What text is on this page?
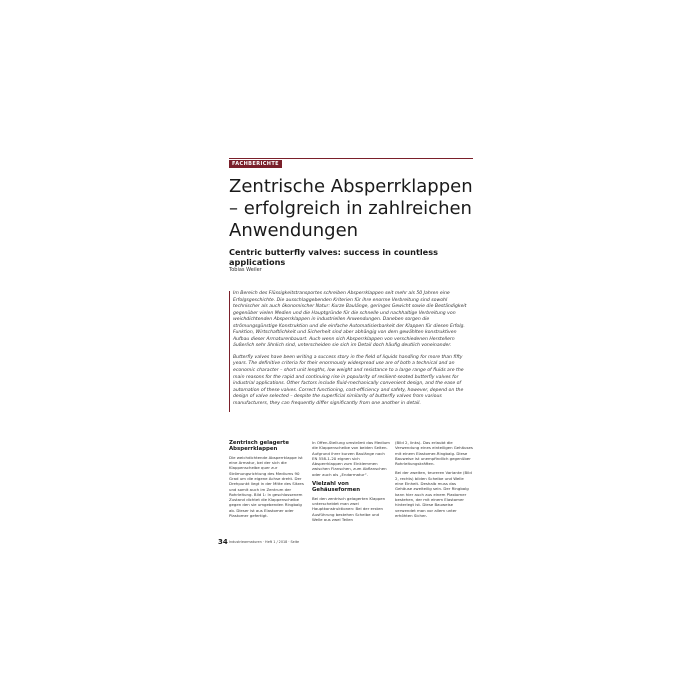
FACHBERICHTE
Zentrische Absperrklappen – erfolgreich in zahlreichen Anwendungen
Centric butterfly valves: success in countless applications
Tobias Weiler

Im Bereich des Flüssigkeitstransportes schreiben Absperrklappen seit mehr als 50 Jahren eine Erfolgsgeschichte. Die ausschlaggebenden Kriterien für ihre enorme Verbreitung sind sowohl technischer als auch ökonomischer Natur: Kurze Baulänge, geringes Gewicht sowie die Beständigkeit gegenüber vielen Medien und die Hauptgründe für die schnelle und nachhaltige Verbreitung von weichdichtenden Absperrklappen in industriellen Anwendungen. Daneben sorgen die strömungsgünstige Konstruktion und die einfache Automatisierbarkeit der Klappen für diesen Erfolg. Funktion, Wirtschaftlichkeit und Sicherheit sind aber abhängig von dem gewählten konstruktiven Aufbau dieser Armaturenbauart. Auch wenn sich Absperrklappen von verschiedenen Herstellern äußerlich sehr ähnlich sind, unterscheiden sie sich im Detail doch häufig deutlich voneinander.

Butterfly valves have been writing a success story in the field of liquids handling for more than fifty years. The definitive criteria for their enormously widespread use are of both a technical and an economic character – short unit lengths, low weight and resistance to a large range of fluids are the main reasons for the rapid and continuing rise in popularity of resilient-seated butterfly valves for industrial applications. Other factors include fluid-mechanically convenient design, and the ease of automation of these valves. Correct functioning, cost-efficiency and safety, however, depend on the design of valve selected – despite the superficial similarity of butterfly valves from various manufacturers, they can frequently differ significantly from one another in detail.

Zentrisch gelagerte Absperrklappen

Die weichdichtende Absperrklappe ist eine Armatur, bei der sich die Klappenscheibe quer zur Strömungsrichtung des Mediums 90 Grad um die eigene Achse dreht. Der Drehpunkt liegt in der Mitte des Sitzes und somit auch im Zentrum der Rohrleitung. Bild 1: In geschlossenem Zustand dichtet die Klappenscheibe gegen den sie umgebenden Ringbalg ab. Dieser ist aus Elastomer oder Plastomer gefertigt.

In Offen-Stellung umströmt das Medium die Klappenscheibe von beiden Seiten. Aufgrund ihrer kurzen Baulänge nach EN 558-1-20 eignen sich Absperrklappen zum Einklemmen zwischen Flanschen, zum Abflanschen oder auch als „Endarmatur“.

Vielzahl von Gehäuseformen

Bei den zentrisch gelagerten Klappen unterscheidet man zwei Hauptkonstruktionen: Bei der ersten Ausführung bestehen Scheibe und Welle aus zwei Teilen

(Bild 2, links). Das erlaubt die Verwendung eines einteiligen Gehäuses mit einem Elastomer-Ringbalg. Diese Bauweise ist unempfindlich gegenüber Rohrleitungskräften.

Bei der zweiten, teureren Variante (Bild 2, rechts) bilden Scheibe und Welle eine Einheit. Deshalb muss das Gehäuse zweiteilig sein. Der Ringbalg kann hier auch aus einem Plastomer bestehen, der mit einem Elastomer hinterlegt ist. Diese Bauweise verwendet man vor allem unter erhöhten Sicher-

34 Industriearmaturen · Heft 1 / 2018 · Seite
